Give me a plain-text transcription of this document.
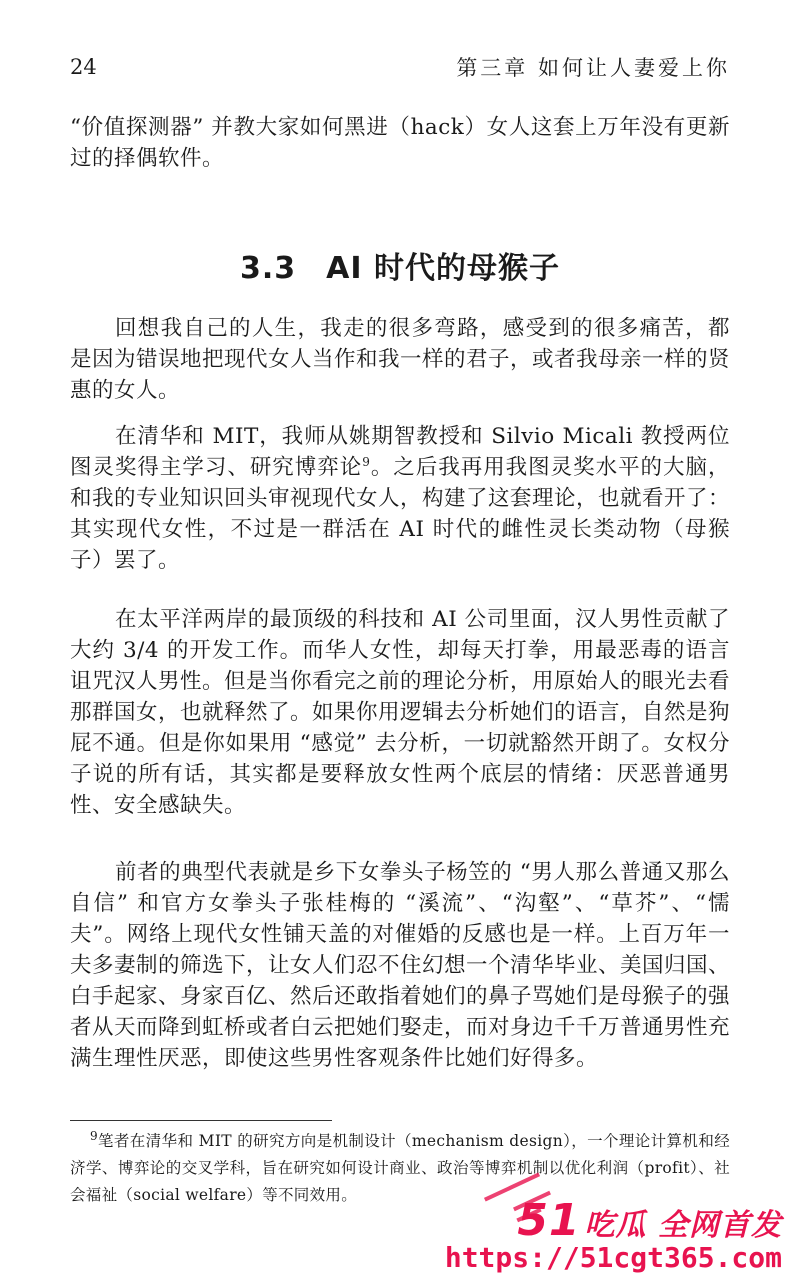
24	第三章 如何让人妻爱上你

“价值探测器” 并教大家如何黑进（hack）女人这套上万年没有更新过的择偶软件。

3.3 AI 时代的母猴子

回想我自己的人生，我走的很多弯路，感受到的很多痛苦，都是因为错误地把现代女人当作和我一样的君子，或者我母亲一样的贤惠的女人。

在清华和 MIT，我师从姚期智教授和 Silvio Micali 教授两位图灵奖得主学习、研究博弈论$^9$。之后我再用我图灵奖水平的大脑，和我的专业知识回头审视现代女人，构建了这套理论，也就看开了：其实现代女性，不过是一群活在 AI 时代的雌性灵长类动物（母猴子）罢了。

在太平洋两岸的最顶级的科技和 AI 公司里面，汉人男性贡献了大约 3/4 的开发工作。而华人女性，却每天打拳，用最恶毒的语言诅咒汉人男性。但是当你看完之前的理论分析，用原始人的眼光去看那群国女，也就释然了。如果你用逻辑去分析她们的语言，自然是狗屁不通。但是你如果用 “感觉” 去分析，一切就豁然开朗了。女权分子说的所有话，其实都是要释放女性两个底层的情绪：厌恶普通男性、安全感缺失。

前者的典型代表就是乡下女拳头子杨笠的 “男人那么普通又那么自信” 和官方女拳头子张桂梅的 “溪流”、“沟壑”、“草芥”、“懦夫”。网络上现代女性铺天盖的对催婚的反感也是一样。上百万年一夫多妻制的筛选下，让女人们忍不住幻想一个清华毕业、美国归国、白手起家、身家百亿、然后还敢指着她们的鼻子骂她们是母猴子的强者从天而降到虹桥或者白云把她们娶走，而对身边千千万普通男性充满生理性厌恶，即使这些男性客观条件比她们好得多。

$^9$笔者在清华和 MIT 的研究方向是机制设计（mechanism design），一个理论计算机和经济学、博弈论的交叉学科，旨在研究如何设计商业、政治等博弈机制以优化利润（profit）、社会福祉（social welfare）等不同效用。	51 吃瓜 全网首发
https://51cgt365.com
